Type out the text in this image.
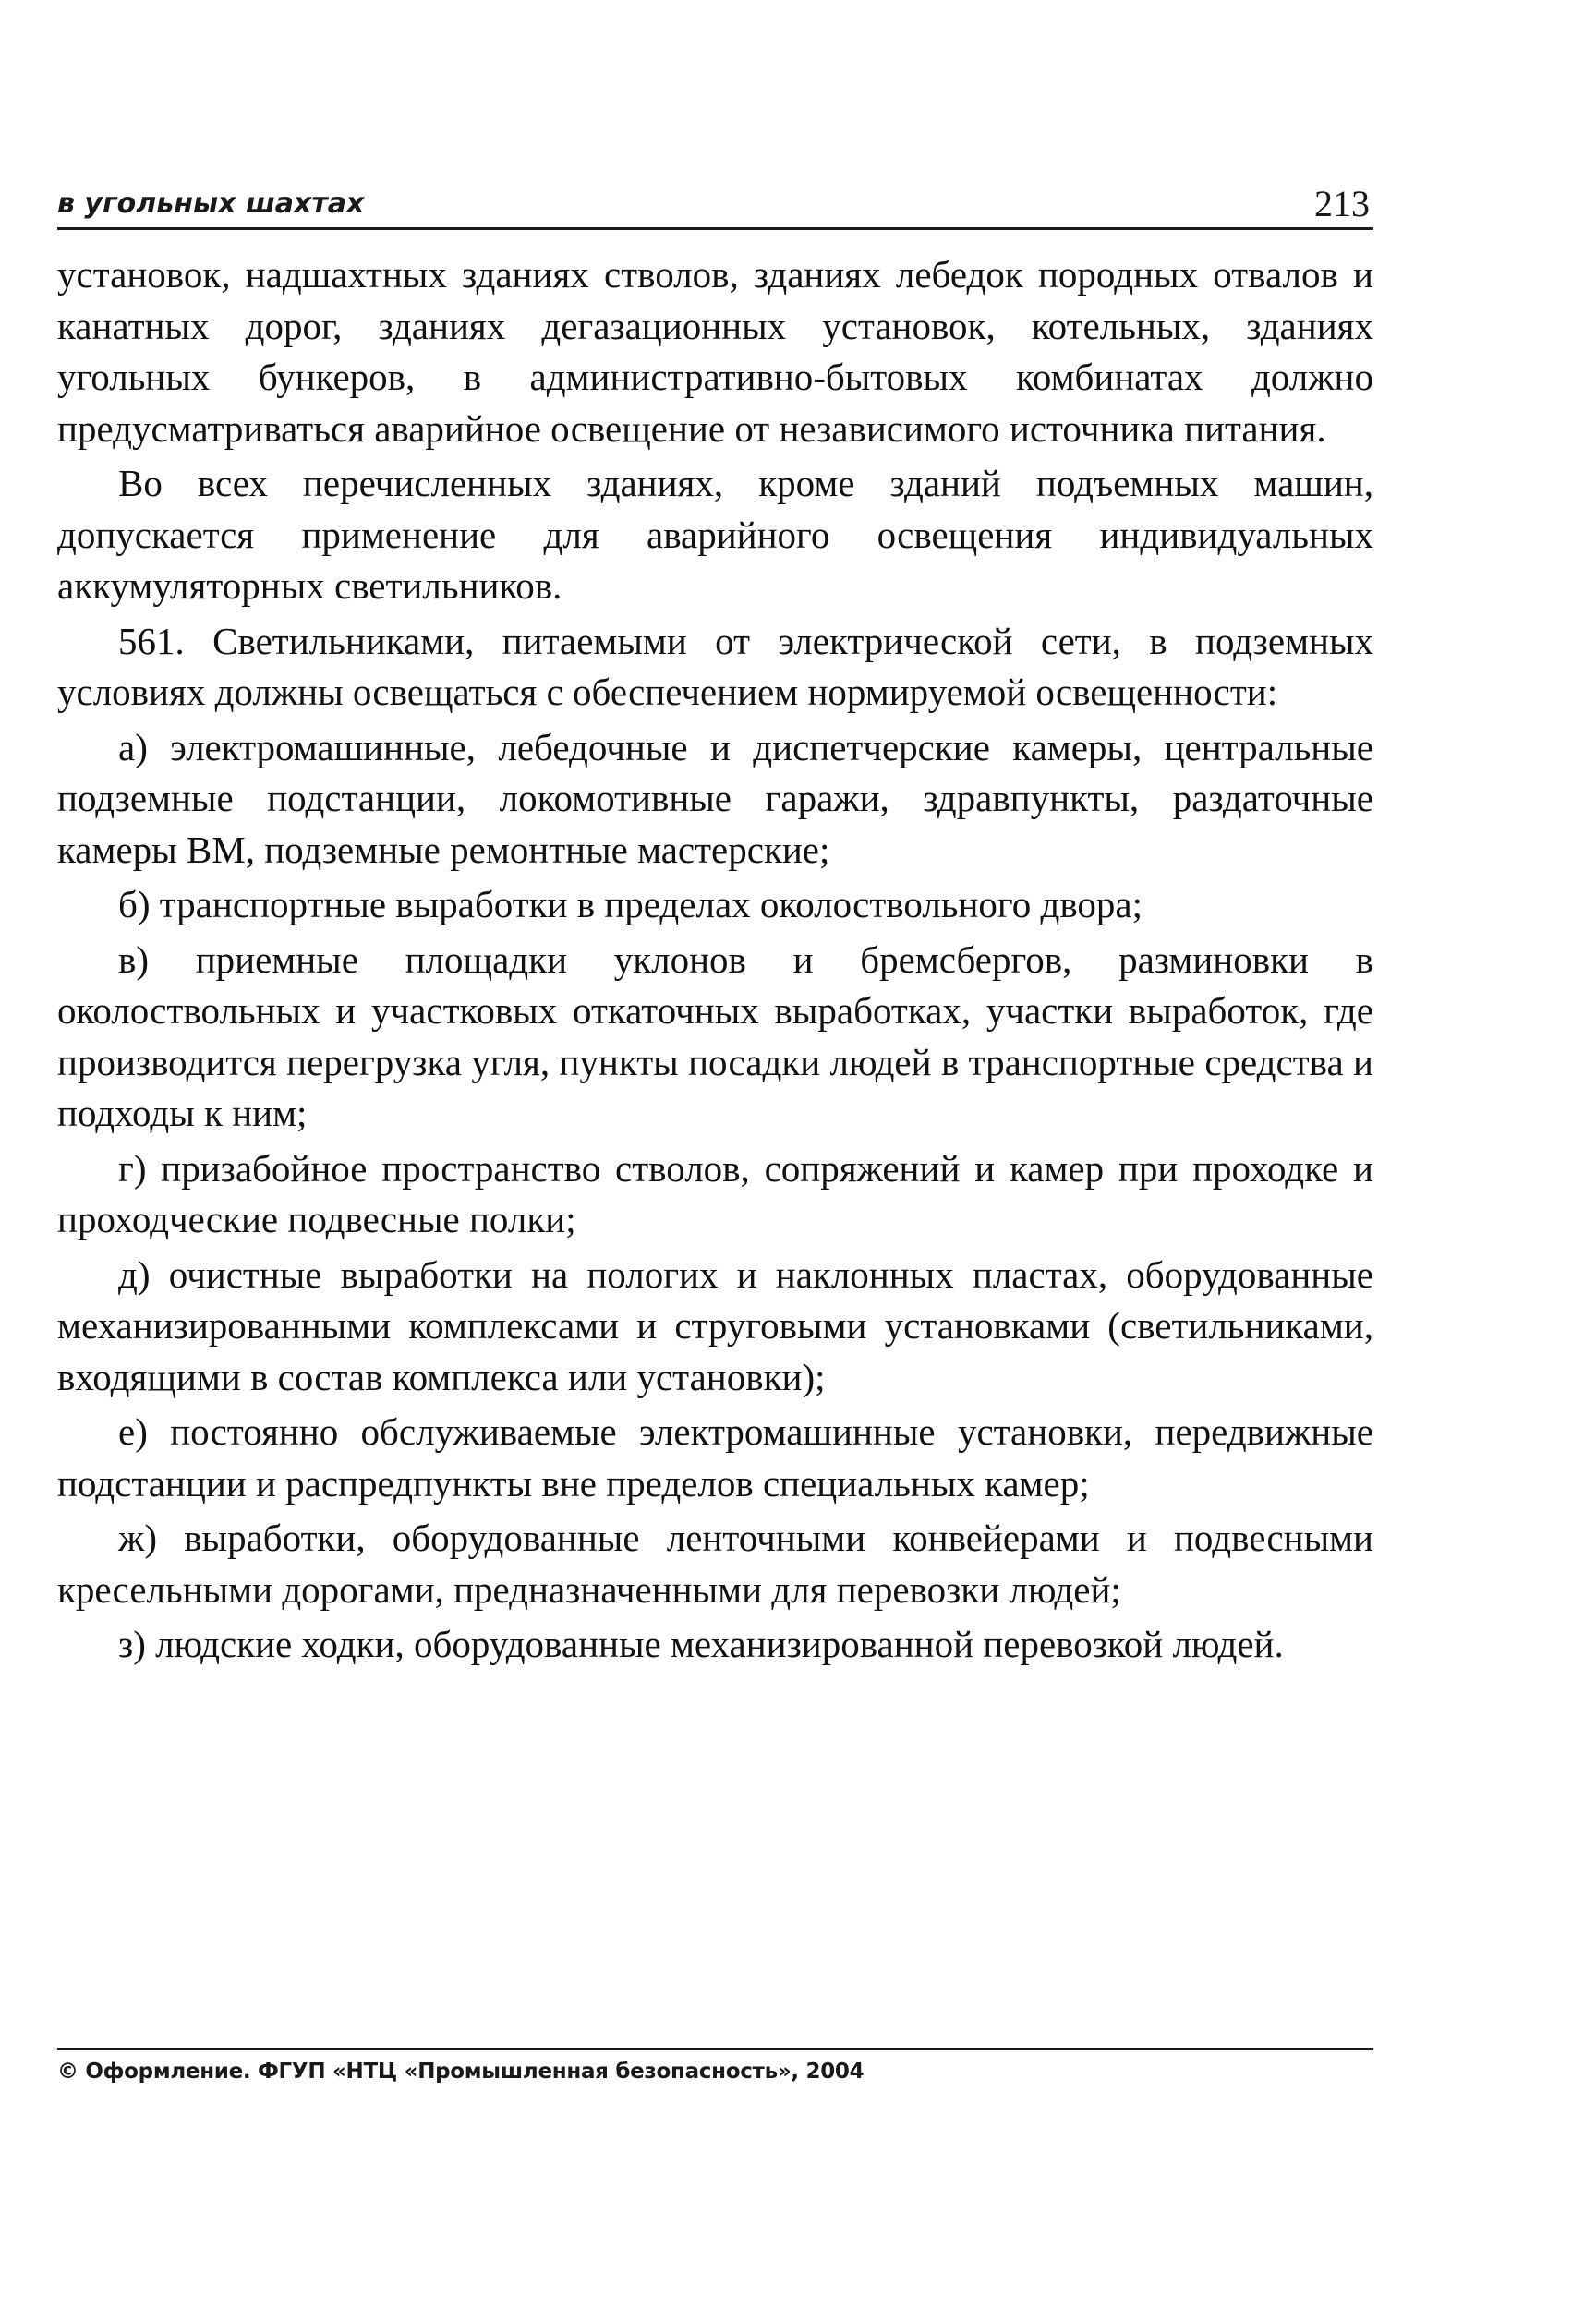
в угольных шахтах	213

установок, надшахтных зданиях стволов, зданиях лебедок породных отвалов и канатных дорог, зданиях дегазационных установок, котельных, зданиях угольных бункеров, в административно-бытовых комбинатах должно предусматриваться аварийное освещение от независимого источника питания.

Во всех перечисленных зданиях, кроме зданий подъемных машин, допускается применение для аварийного освещения индивидуальных аккумуляторных светильников.

561. Светильниками, питаемыми от электрической сети, в подземных условиях должны освещаться с обеспечением нормируемой освещенности:

а) электромашинные, лебедочные и диспетчерские камеры, центральные подземные подстанции, локомотивные гаражи, здравпункты, раздаточные камеры ВМ, подземные ремонтные мастерские;

б) транспортные выработки в пределах околоствольного двора;

в) приемные площадки уклонов и бремсбергов, разминовки в околоствольных и участковых откаточных выработках, участки выработок, где производится перегрузка угля, пункты посадки людей в транспортные средства и подходы к ним;

г) призабойное пространство стволов, сопряжений и камер при проходке и проходческие подвесные полки;

д) очистные выработки на пологих и наклонных пластах, оборудованные механизированными комплексами и струговыми установками (светильниками, входящими в состав комплекса или установки);

е) постоянно обслуживаемые электромашинные установки, передвижные подстанции и распредпункты вне пределов специальных камер;

ж) выработки, оборудованные ленточными конвейерами и подвесными кресельными дорогами, предназначенными для перевозки людей;

з) людские ходки, оборудованные механизированной перевозкой людей.

© Оформление. ФГУП «НТЦ «Промышленная безопасность», 2004
